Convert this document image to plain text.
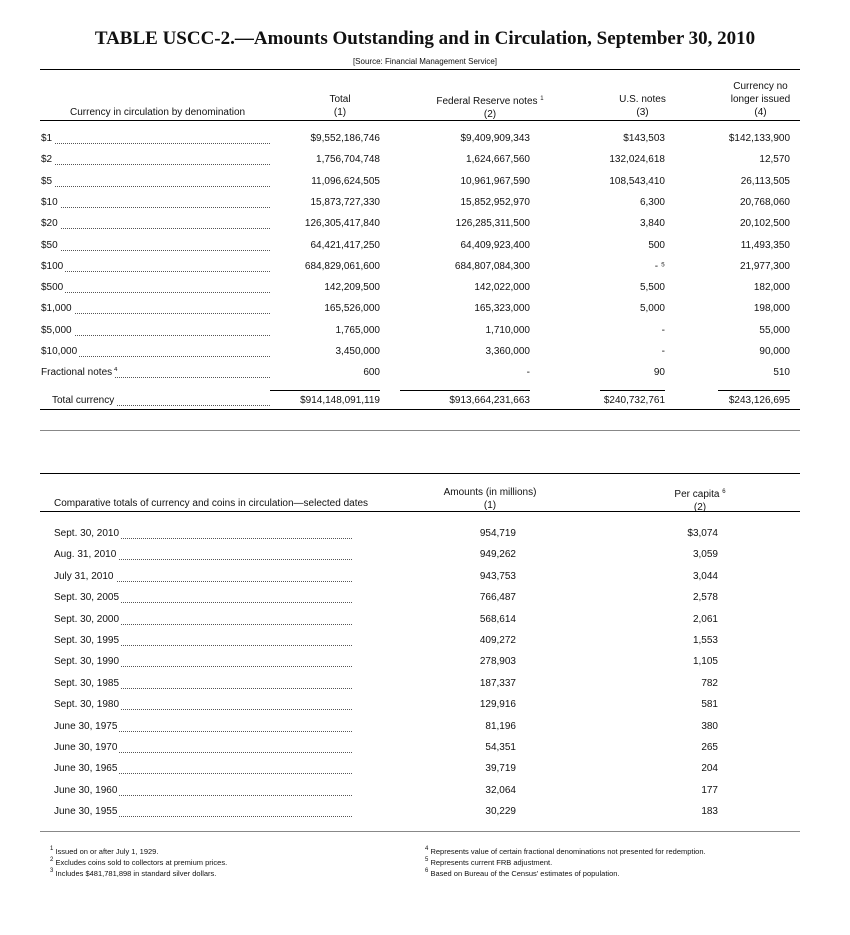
TABLE USCC-2.—Amounts Outstanding and in Circulation, September 30, 2010
[Source: Financial Management Service]
Currency in circulation by denomination
Total
(1)
Federal Reserve notes $^1$
(2)
U.S. notes
(3)
Currency no
longer issued
(4)
$1	$9,552,186,746	$9,409,909,343	$143,503	$142,133,900
$2	1,756,704,748	1,624,667,560	132,024,618	12,570
$5	11,096,624,505	10,961,967,590	108,543,410	26,113,505
$10	15,873,727,330	15,852,952,970	6,300	20,768,060
$20	126,305,417,840	126,285,311,500	3,840	20,102,500
$50	64,421,417,250	64,409,923,400	500	11,493,350
$100	684,829,061,600	684,807,084,300	- ⁵	21,977,300
$500	142,209,500	142,022,000	5,500	182,000
$1,000	165,526,000	165,323,000	5,000	198,000
$5,000	1,765,000	1,710,000	-	55,000
$10,000	3,450,000	3,360,000	-	90,000
Fractional notes $^4$	600	-	90	510
Total currency	$914,148,091,119	$913,664,231,663	$240,732,761	$243,126,695
Comparative totals of currency and coins in circulation—selected dates
Amounts (in millions)
(1)
Per capita $^6$
(2)
Sept. 30, 2010	954,719	$3,074
Aug. 31, 2010	949,262	3,059
July 31, 2010	943,753	3,044
Sept. 30, 2005	766,487	2,578
Sept. 30, 2000	568,614	2,061
Sept. 30, 1995	409,272	1,553
Sept. 30, 1990	278,903	1,105
Sept. 30, 1985	187,337	782
Sept. 30, 1980	129,916	581
June 30, 1975	81,196	380
June 30, 1970	54,351	265
June 30, 1965	39,719	204
June 30, 1960	32,064	177
June 30, 1955	30,229	183
$^1$ Issued on or after July 1, 1929.
$^2$ Excludes coins sold to collectors at premium prices.
$^3$ Includes $481,781,898 in standard silver dollars.
$^4$ Represents value of certain fractional denominations not presented for redemption.
$^5$ Represents current FRB adjustment.
$^6$ Based on Bureau of the Census' estimates of population.
